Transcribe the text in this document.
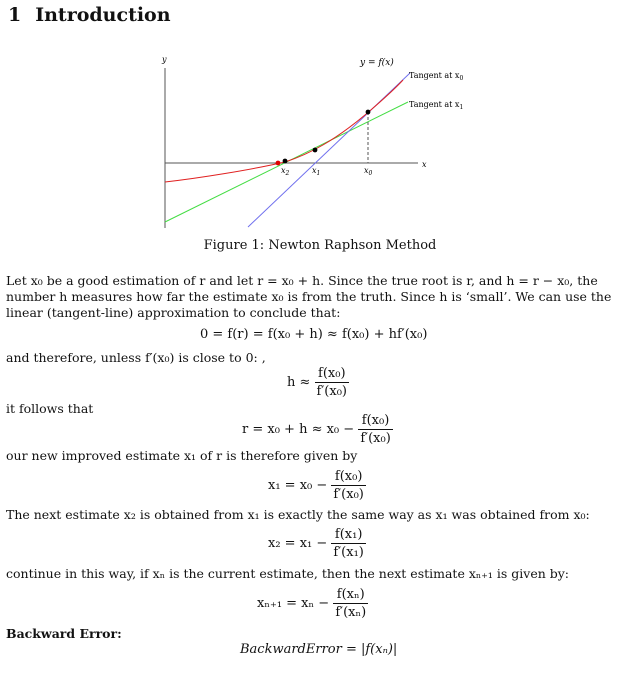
1 Introduction
y
x
$x_2$	$x_1$	$x_0$
y = f(x)
Tangent at $x_0$
Tangent at $x_1$
Figure 1: Newton Raphson Method
Let x₀ be a good estimation of r and let r = x₀ + h. Since the true root is r, and h = r − x₀, the number h measures how far the estimate x₀ is from the truth. Since h is ‘small’. We can use the linear (tangent-line) approximation to conclude that:
0 = f(r) = f(x₀ + h) ≈ f(x₀) + hf′(x₀)
and therefore, unless f′(x₀) is close to 0: ,
$h \approx \frac{\text{f(x₀)}}{\text{f′(x₀)}}$
it follows that
$r = x_0 + h \approx x_0 - \frac{\text{f(x₀)}}{\text{f′(x₀)}}$
our new improved estimate x₁ of r is therefore given by
$x_1 = x_0 - \frac{\text{f(x₀)}}{\text{f′(x₀)}}$
The next estimate x₂ is obtained from x₁ is exactly the same way as x₁ was obtained from x₀:
$x_2 = x_1 - \frac{\text{f(x₁)}}{\text{f′(x₁)}}$
continue in this way, if xₙ is the current estimate, then the next estimate xₙ₊₁ is given by:
$x_{n+1} = x_n - \frac{\text{f(xₙ)}}{\text{f′(xₙ)}}$
Backward Error:
BackwardError = |f(xₙ)|
